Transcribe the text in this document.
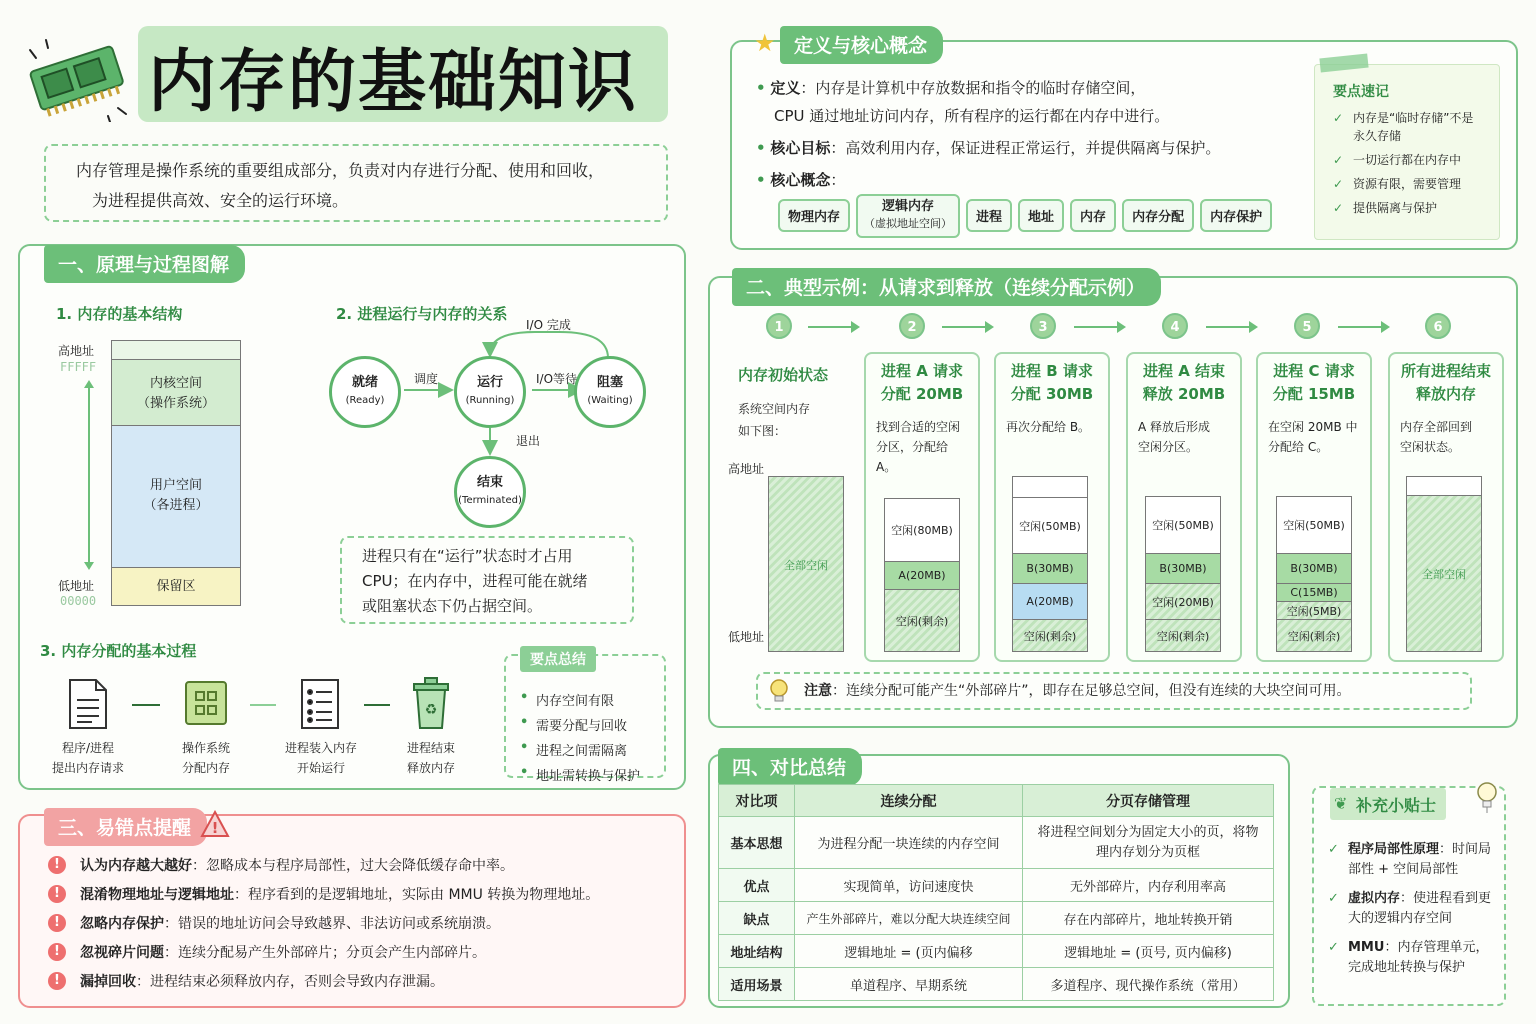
内存的基础知识
内存管理是操作系统的重要组成部分，负责对内存进行分配、使用和回收，
为进程提供高效、安全的运行环境。
一、原理与过程图解
1. 内存的基本结构
高地址
FFFFF
低地址
00000
内核空间
（操作系统）
用户空间
（各进程）
保留区
2. 进程运行与内存的关系
就绪
(Ready)
运行
(Running)
阻塞
(Waiting)
结束
(Terminated)
调度	I/O等待
I/O 完成
退出
进程只有在“运行”状态时才占用
CPU；在内存中，进程可能在就绪
或阻塞状态下仍占据空间。
3. 内存分配的基本过程
♻
程序/进程
提出内存请求
操作系统
分配内存
进程装入内存
开始运行
进程结束
释放内存
• 内存空间有限
• 需要分配与回收
• 进程之间需隔离
• 地址需转换与保护
要点总结
三、易错点提醒	!
!	认为内存越大越好：忽略成本与程序局部性，过大会降低缓存命中率。
!	混淆物理地址与逻辑地址：程序看到的是逻辑地址，实际由 MMU 转换为物理地址。
!	忽略内存保护：错误的地址访问会导致越界、非法访问或系统崩溃。
!	忽视碎片问题：连续分配易产生外部碎片；分页会产生内部碎片。
!	漏掉回收：进程结束必须释放内存，否则会导致内存泄漏。
★ 定义与核心概念
• 定义：内存是计算机中存放数据和指令的临时存储空间，
CPU 通过地址访问内存，所有程序的运行都在内存中进行。
• 核心目标：高效利用内存，保证进程正常运行，并提供隔离与保护。
• 核心概念：
物理内存逻辑内存
（虚拟地址空间） 进程 地址 内存 内存分配 内存保护
要点速记
✓ 内存是“临时存储”不是永久存储
✓ 一切运行都在内存中
✓ 资源有限，需要管理
✓ 提供隔离与保护
二、典型示例：从请求到释放（连续分配示例）
1	2	3	4	5	6
内存初始状态
系统空间内存
如下图：
高地址
低地址
全部空闲
进程 A 请求
分配 20MB
找到合适的空闲
分区，分配给 A。
空闲(80MB)
A(20MB)
空闲(剩余)
进程 B 请求
分配 30MB
再次分配给 B。
空闲(50MB)
B(30MB)
A(20MB)
空闲(剩余)
进程 A 结束
释放 20MB
A 释放后形成
空闲分区。
空闲(50MB)
B(30MB)
空闲(20MB)
空闲(剩余)
进程 C 请求
分配 15MB
在空闲 20MB 中
分配给 C。
空闲(50MB)
B(30MB)
C(15MB)
空闲(5MB)
空闲(剩余)
所有进程结束
释放内存
内存全部回到
空闲状态。
全部空闲
注意：连续分配可能产生“外部碎片”，即存在足够总空间，但没有连续的大块空间可用。
四、对比总结
对比项	连续分配	分页存储管理
基本思想	为进程分配一块连续的内存空间	将进程空间划分为固定大小的页，将物理内存划分为页框
优点	实现简单，访问速度快	无外部碎片，内存利用率高
缺点	产生外部碎片，难以分配大块连续空间	存在内部碎片，地址转换开销
地址结构	逻辑地址 = (页内偏移	逻辑地址 = (页号, 页内偏移)
适用场景	单道程序、早期系统	多道程序、现代操作系统（常用）
✓ 程序局部性原理：时间局部性 + 空间局部性
✓ 虚拟内存：使进程看到更大的逻辑内存空间
✓ MMU：内存管理单元，完成地址转换与保护
❦ 补充小贴士
